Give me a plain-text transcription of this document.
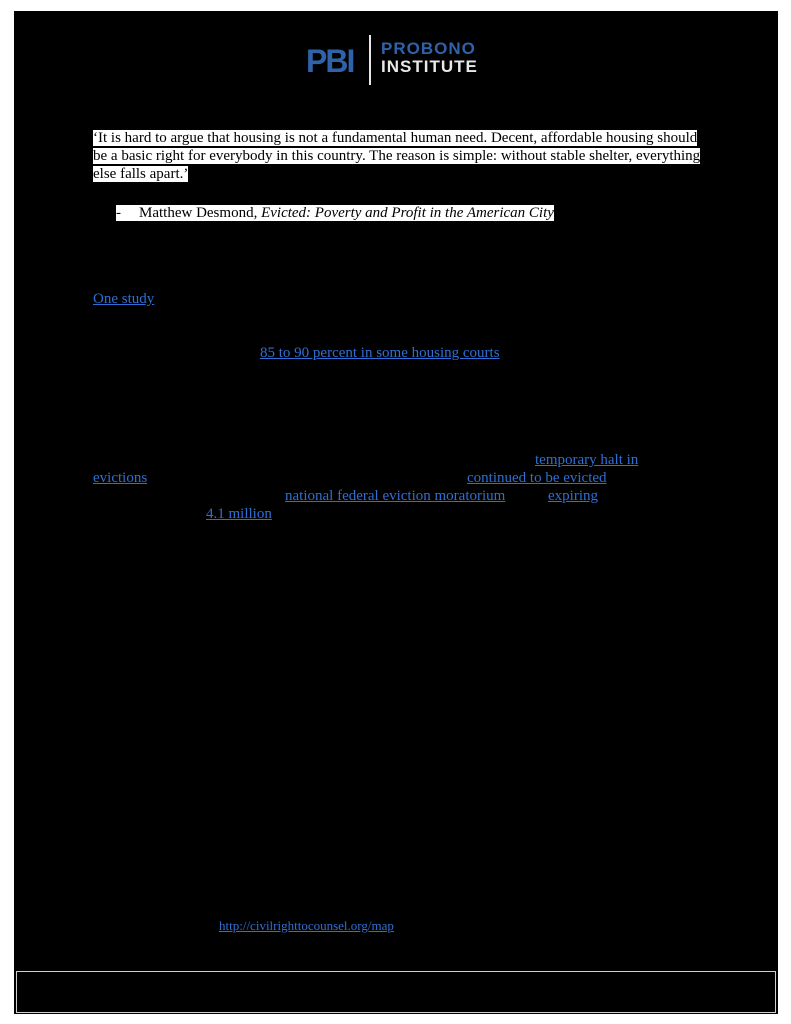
PBI PROBONO
INSTITUTE
‘It is hard to argue that housing is not a fundamental human need. Decent, affordable housing should be a basic right for everybody in this country. The reason is simple: without stable shelter, everything else falls apart.’
- Matthew Desmond, Evicted: Poverty and Profit in the American City
One study
85 to 90 percent in some housing courts
temporary halt in
evictions	continued to be evicted
national federal eviction moratorium	expiring
4.1 million
http://civilrighttocounsel.org/map
